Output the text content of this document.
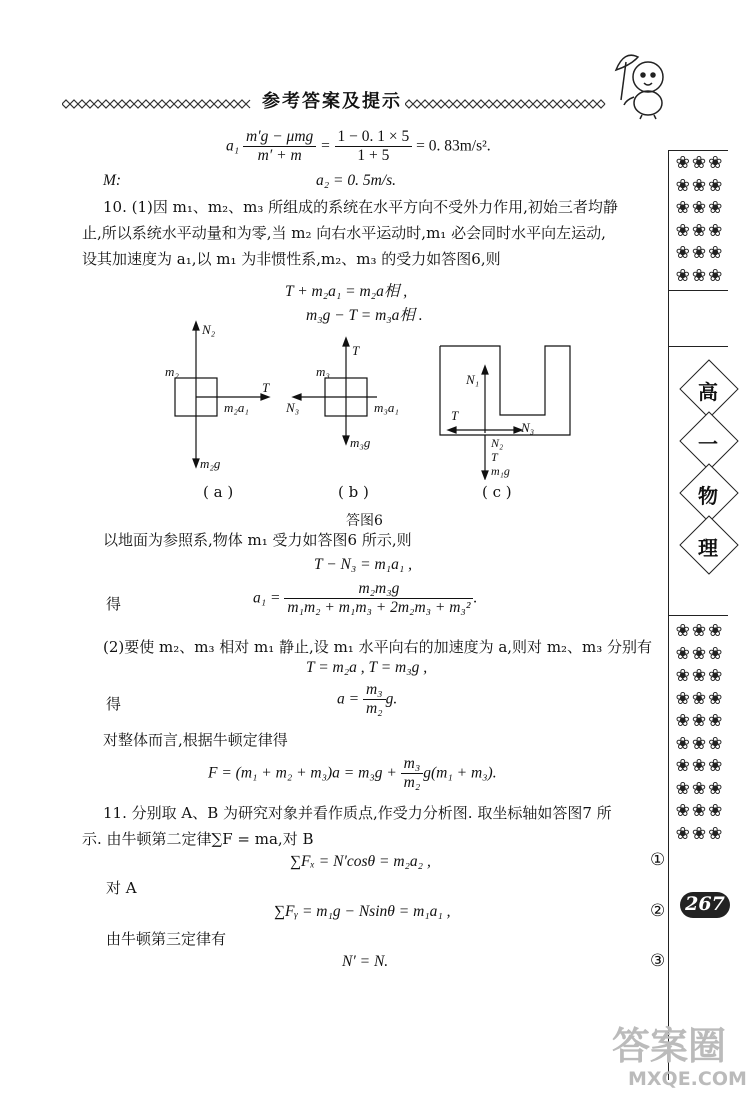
参考答案及提示
❀❀❀
❀❀❀
❀❀❀
❀❀❀
❀❀❀
❀❀❀
高
一
物
理
❀❀❀
❀❀❀
❀❀❀
❀❀❀
❀❀❀
❀❀❀
❀❀❀
❀❀❀
❀❀❀
❀❀❀
267
$a_1 \frac{\text{m′g − μmg}}{m' + m} = \frac{1 - 0. 1 \times 5}{1 + 5} = 0$. 83m/s².
M:	a₂ = 0. 5m/s.
10. (1)因 m₁、m₂、m₃ 所组成的系统在水平方向不受外力作用,初始三者均静
止,所以系统水平动量和为零,当 m₂ 向右水平运动时,m₁ 必会同时水平向左运动,
设其加速度为 a₁,以 m₁ 为非惯性系,m₂、m₃ 的受力如答图6,则
T + m₂a₁ = m₂a相 ,
m₃g − T = m₃a相 .
N₂
m₂
T
m₂a₁
m₂g
( a )
T
m₃
N₃	m₃a₁
m₃g
( b )
N₁
T
N₃
N₂
T
m₁g
( c )
答图6
以地面为参照系,物体 m₁ 受力如答图6 所示,则
T − N₃ = m₁a₁ ,
得	$a_1 = \frac{\text{m₂m₃g}}{\text{m₁m₂ + m₁m₃ + 2m₂m₃ + m₃²}}$ .
(2)要使 m₂、m₃ 相对 m₁ 静止,设 m₁ 水平向右的加速度为 a,则对 m₂、m₃ 分别有
T = m₂a , T = m₃g ,
得	$a = \frac{\text{m₃}}{\text{m₂}} g$.
对整体而言,根据牛顿定律得
$F = (m_1 + m_2 + m_3)a = m_3g + \frac{\text{m₃}}{\text{m₂}} g(m_1 + m_3)$.
11. 分别取 A、B 为研究对象并看作质点,作受力分析图. 取坐标轴如答图7 所
示. 由牛顿第二定律∑F = ma,对 B
∑Fₓ = N′cosθ = m₂a₂ ,	①
对 A
∑Fᵧ = m₁g − Nsinθ = m₁a₁ ,	②
由牛顿第三定律有
N′ = N.	③
答案圈
MXQE.COM
